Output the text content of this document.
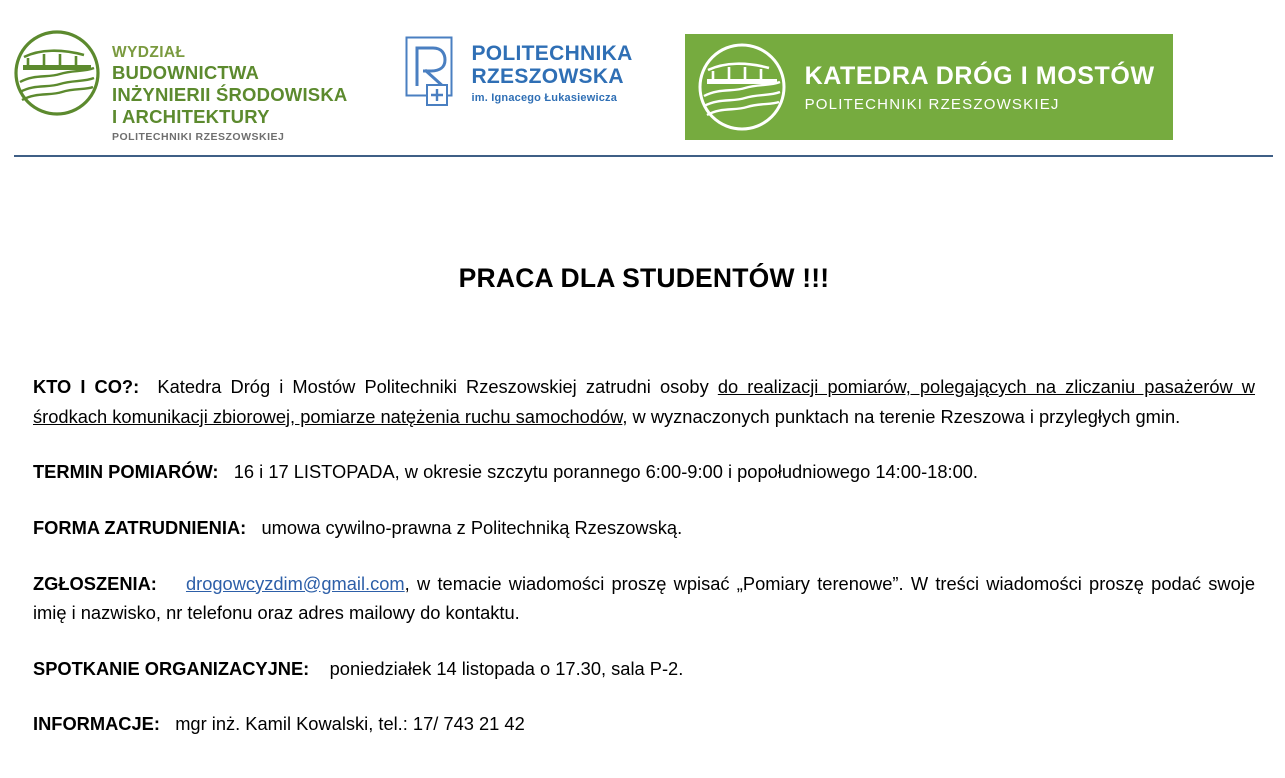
WYDZIAŁ
BUDOWNICTWA
INŻYNIERII ŚRODOWISKA
I ARCHITEKTURY
POLITECHNIKI RZESZOWSKIEJ
POLITECHNIKA
RZESZOWSKA
im. Ignacego Łukasiewicza
KATEDRA DRÓG I MOSTÓW
POLITECHNIKI RZESZOWSKIEJ
PRACA DLA STUDENTÓW !!!
KTO I CO?: Katedra Dróg i Mostów Politechniki Rzeszowskiej zatrudni osoby do realizacji pomiarów, polegających na zliczaniu pasażerów w środkach komunikacji zbiorowej, pomiarze natężenia ruchu samochodów, w wyznaczonych punktach na terenie Rzeszowa i przyległych gmin.
TERMIN POMIARÓW: 16 i 17 LISTOPADA, w okresie szczytu porannego 6:00-9:00 i popołudniowego 14:00-18:00.
FORMA ZATRUDNIENIA: umowa cywilno-prawna z Politechniką Rzeszowską.
ZGŁOSZENIA: drogowcyzdim@gmail.com, w temacie wiadomości proszę wpisać „Pomiary terenowe”. W treści wiadomości proszę podać swoje imię i nazwisko, nr telefonu oraz adres mailowy do kontaktu.
SPOTKANIE ORGANIZACYJNE: poniedziałek 14 listopada o 17.30, sala P-2.
INFORMACJE: mgr inż. Kamil Kowalski, tel.: 17/ 743 21 42
